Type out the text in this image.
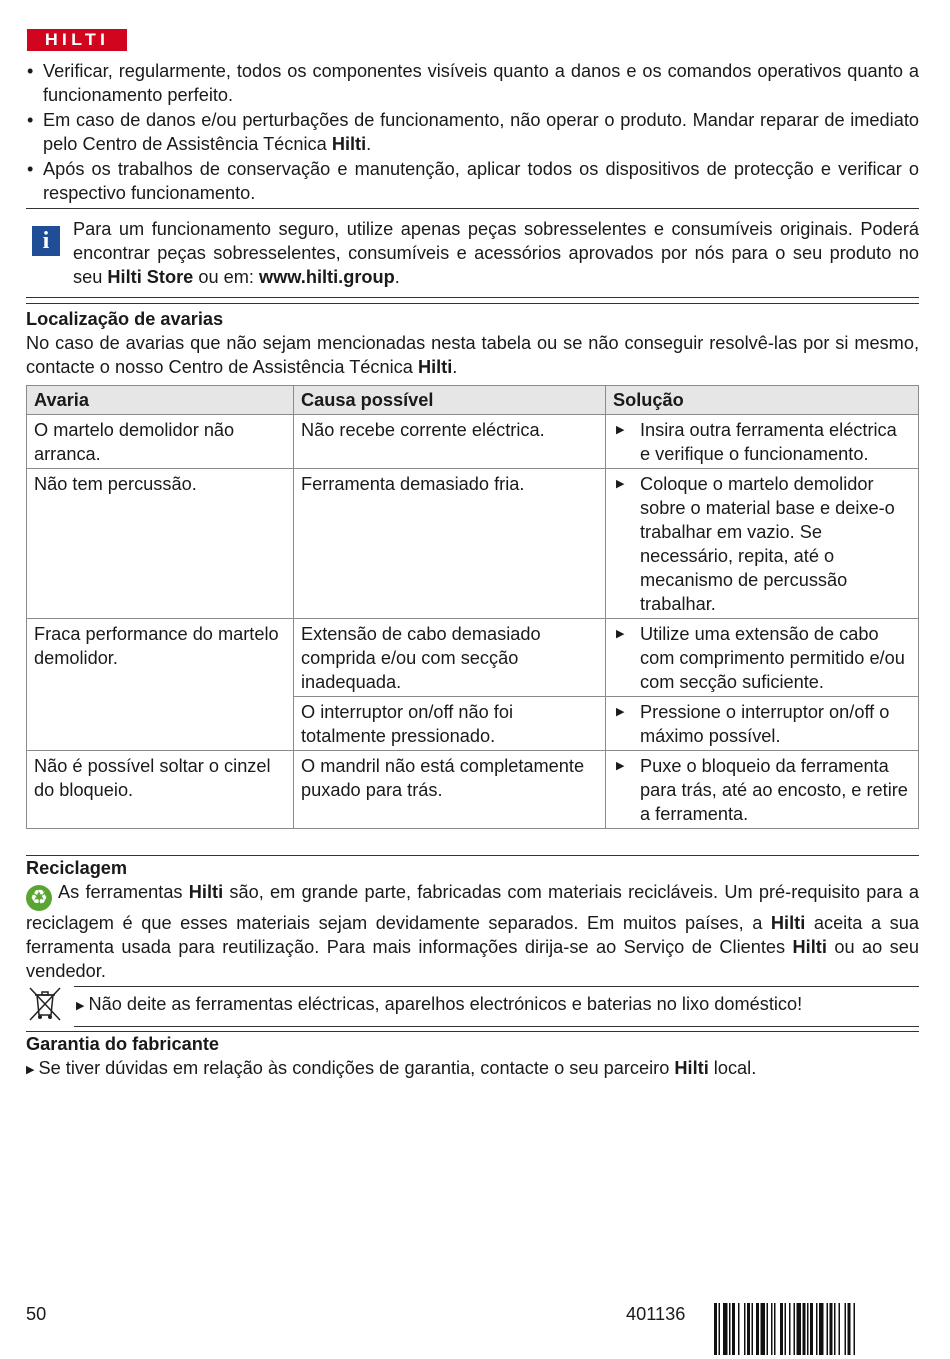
HILTI
• Verificar, regularmente, todos os componentes visíveis quanto a danos e os comandos operativos quanto a funcionamento perfeito.
• Em caso de danos e/ou perturbações de funcionamento, não operar o produto. Mandar reparar de imediato pelo Centro de Assistência Técnica Hilti.
• Após os trabalhos de conservação e manutenção, aplicar todos os dispositivos de protecção e verificar o respectivo funcionamento.
i	Para um funcionamento seguro, utilize apenas peças sobresselentes e consumíveis originais. Poderá encontrar peças sobresselentes, consumíveis e acessórios aprovados por nós para o seu produto no seu Hilti Store ou em: www.hilti.group.

Localização de avarias

No caso de avarias que não sejam mencionadas nesta tabela ou se não conseguir resolvê-las por si mesmo, contacte o nosso Centro de Assistência Técnica Hilti.

Avaria	Causa possível	Solução
O martelo demolidor não arranca.	Não recebe corrente eléctrica.	▶ Insira outra ferramenta eléctrica e verifique o funcionamento.
Não tem percussão.	Ferramenta demasiado fria.	▶ Coloque o martelo demolidor sobre o material base e deixe-o trabalhar em vazio. Se necessário, repita, até o mecanismo de percussão trabalhar.
Fraca performance do martelo demolidor.	Extensão de cabo demasiado comprida e/ou com secção inadequada.	▶ Utilize uma extensão de cabo com comprimento permitido e/ou com secção suficiente.
	O interruptor on/off não foi totalmente pressionado.	▶ Pressione o interruptor on/off o máximo possível.
Não é possível soltar o cinzel do bloqueio.	O mandril não está completamente puxado para trás.	▶ Puxe o bloqueio da ferramenta para trás, até ao encosto, e retire a ferramenta.
Reciclagem

♻ As ferramentas Hilti são, em grande parte, fabricadas com materiais recicláveis. Um pré-requisito para a reciclagem é que esses materiais sejam devidamente separados. Em muitos países, a Hilti aceita a sua ferramenta usada para reutilização. Para mais informações dirija-se ao Serviço de Clientes Hilti ou ao seu vendedor.

▶ Não deite as ferramentas eléctricas, aparelhos electrónicos e baterias no lixo doméstico!
Garantia do fabricante

▶ Se tiver dúvidas em relação às condições de garantia, contacte o seu parceiro Hilti local.

50	401136
